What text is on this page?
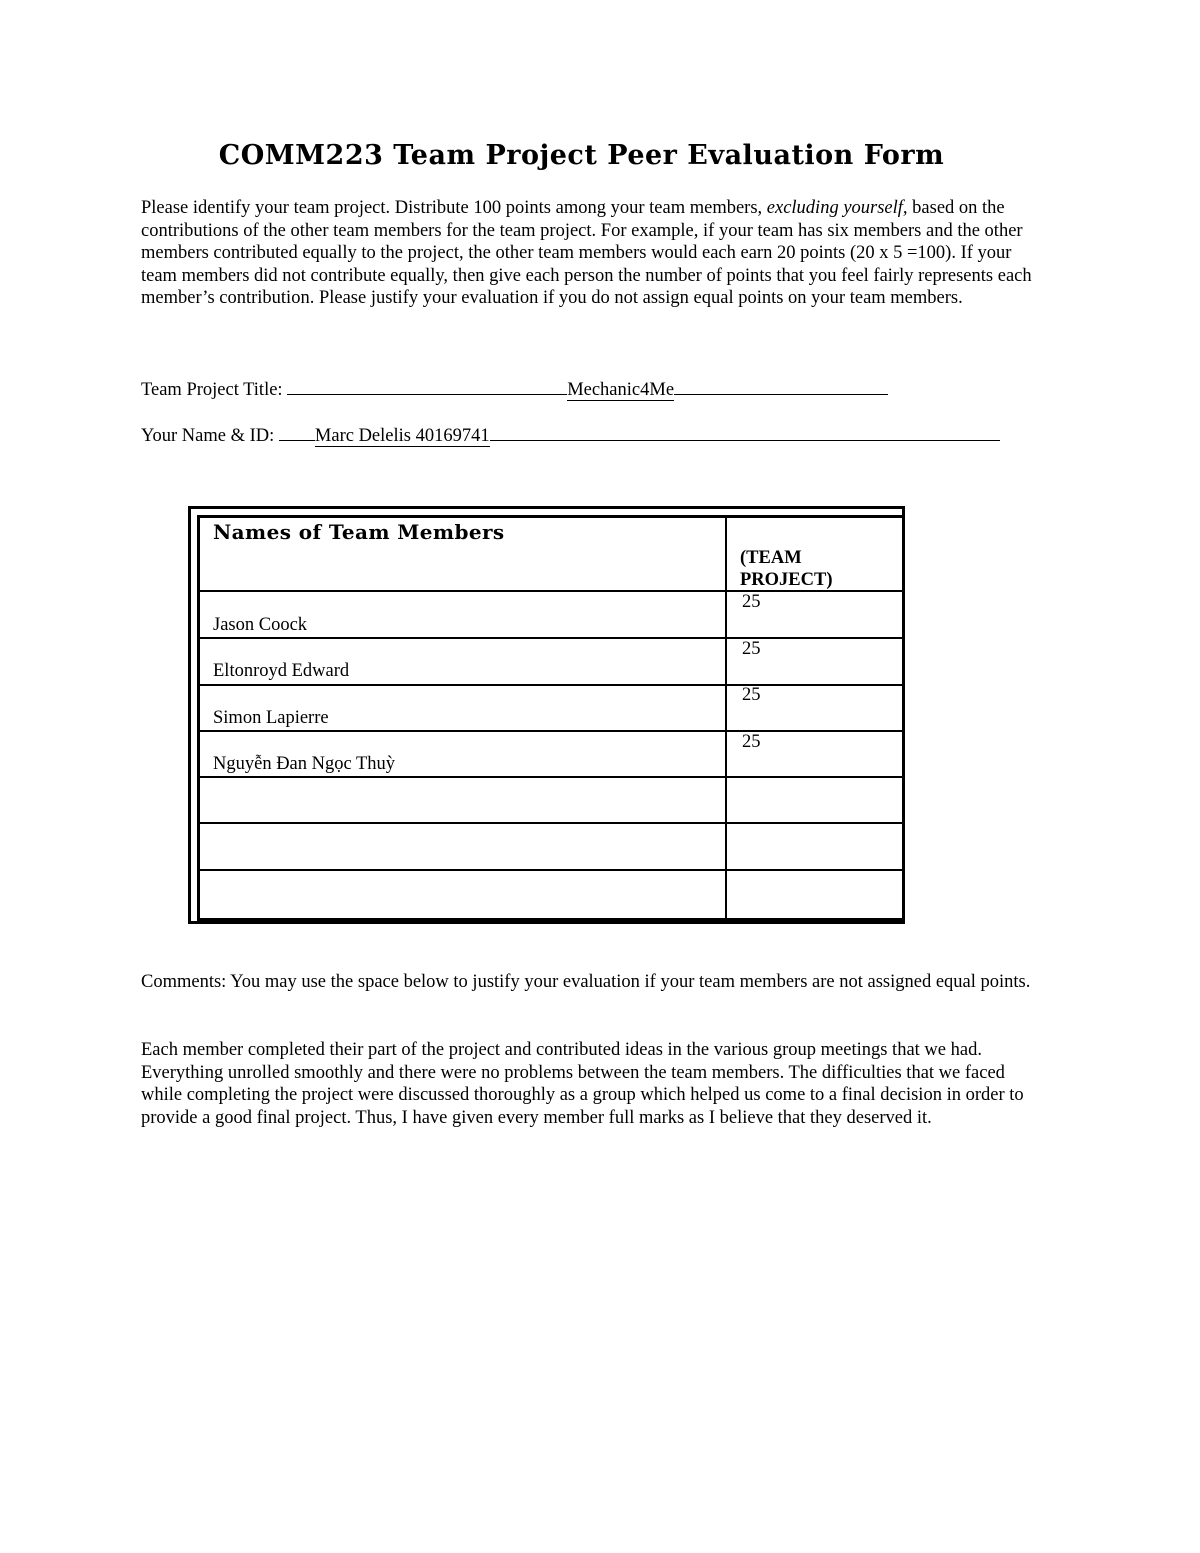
COMM223 Team Project Peer Evaluation Form
Please identify your team project. Distribute 100 points among your team members, excluding yourself, based on the contributions of the other team members for the team project. For example, if your team has six members and the other members contributed equally to the project, the other team members would each earn 20 points (20 x 5 =100). If your team members did not contribute equally, then give each person the number of points that you feel fairly represents each member’s contribution. Please justify your evaluation if you do not assign equal points on your team members.
Team Project Title:	Mechanic4Me
Your Name & ID: Marc Delelis 40169741
Names of Team Members
(TEAM PROJECT)
Jason Coock
25
Eltonroyd Edward
25
Simon Lapierre
25
Nguyễn Đan Ngọc Thuỳ
25
Comments: You may use the space below to justify your evaluation if your team members are not assigned equal points.
Each member completed their part of the project and contributed ideas in the various group meetings that we had. Everything unrolled smoothly and there were no problems between the team members. The difficulties that we faced while completing the project were discussed thoroughly as a group which helped us come to a final decision in order to provide a good final project. Thus, I have given every member full marks as I believe that they deserved it.
